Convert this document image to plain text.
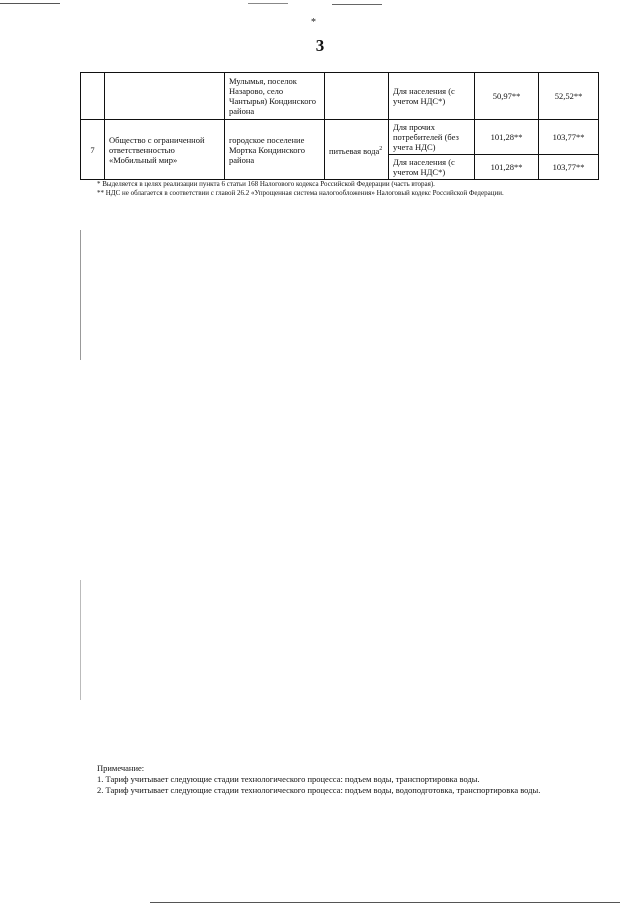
*
3
		Мулымья, поселок Назарово, село Чантырья) Кондинского района		Для населения (с учетом НДС*)	50,97**	52,52**
7	Общество с ограниченной ответственностью «Мобильный мир»	городское поселение Мортка Кондинского района	питьевая вода$^2$	Для прочих потребителей (без учета НДС)	101,28**	103,77**
				Для населения (с учетом НДС*)	101,28**	103,77**

* Выделяется в целях реализации пункта 6 статьи 168 Налогового кодекса Российской Федерации (часть вторая).

** НДС не облагается в соответствии с главой 26.2 «Упрощенная система налогообложения» Налоговый кодекс Российской Федерации.

Примечание:

1. Тариф учитывает следующие стадии технологического процесса: подъем воды, транспортировка воды.

2. Тариф учитывает следующие стадии технологического процесса: подъем воды, водоподготовка, транспортировка воды.
